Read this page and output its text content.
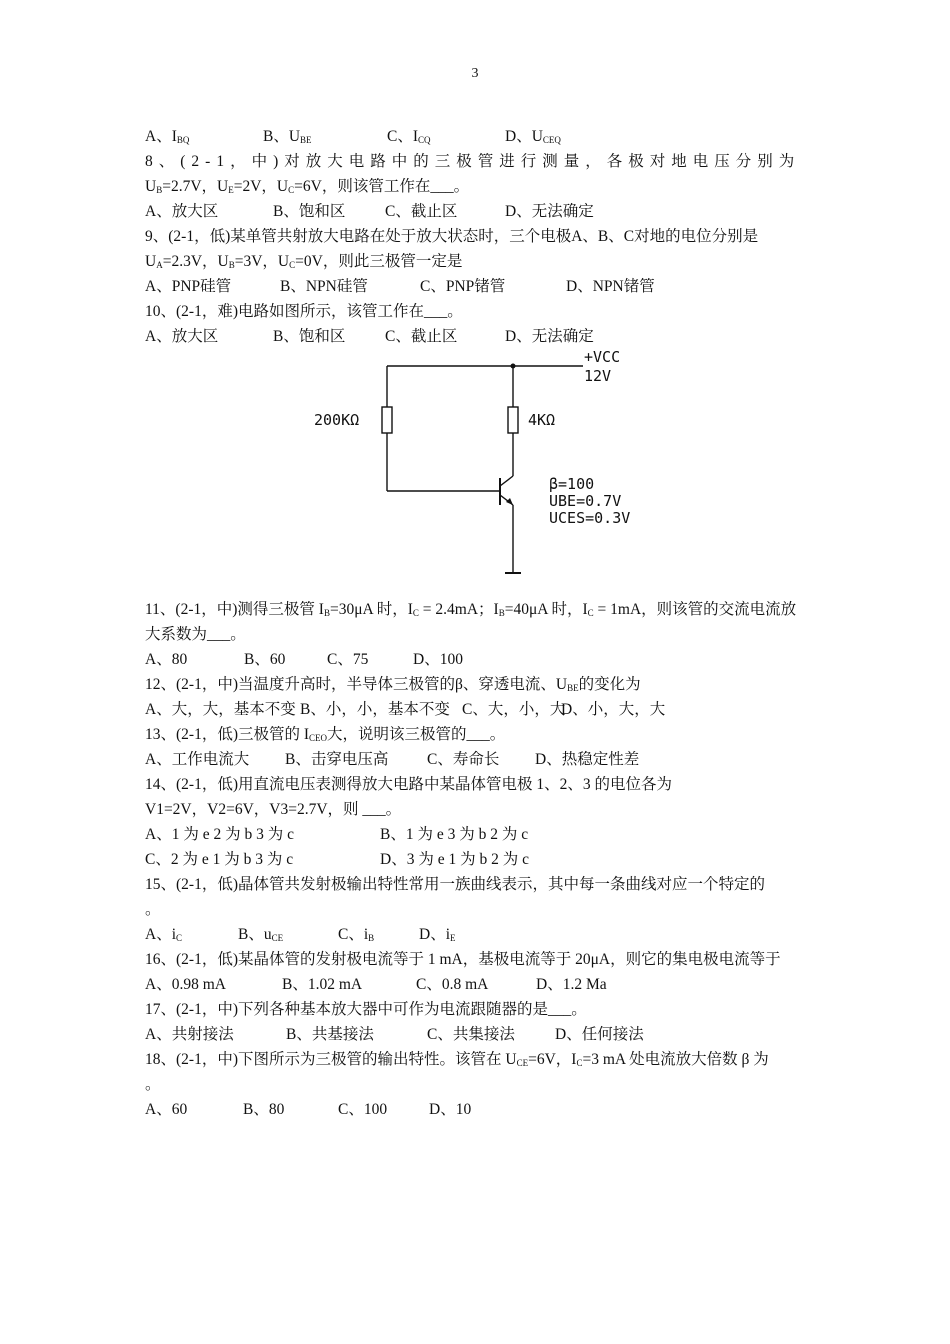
3
A、$I_{BQ}$	B、$U_{BE}$	C、$I_{CQ}$	D、$U_{CEQ}$
8、(2-1，中)对放大电路中的三极管进行测量，各极对地电压分别为
$U_B=2.7V$，$U_E=2V$，$U_C=6V$，则该管工作在___。
A、放大区	B、饱和区	C、截止区	D、无法确定
9、(2-1，低)某单管共射放大电路在处于放大状态时，三个电极A、B、C对地的电位分别是
$U_A=2.3V$，$U_B=3V$，$U_C=0V$，则此三极管一定是
A、PNP硅管	B、NPN硅管	C、PNP锗管	D、NPN锗管
10、(2-1，难)电路如图所示，该管工作在___。
A、放大区	B、饱和区	C、截止区	D、无法确定
11、(2-1，中)测得三极管 $I_B=30\mu A$ 时，$I_C = 2.4mA$；$I_B=40\mu A$ 时，$I_C = 1mA$，则该管的交流电流放
大系数为___。
A、80	B、60	C、75	D、100
12、(2-1，中)当温度升高时，半导体三极管的β、穿透电流、$U_{BE}$的变化为
A、大，大，基本不变 B、小，小，基本不变 C、大，小，大
D、小，大，大
13、(2-1，低)三极管的 $I_{CEO}$大，说明该三极管的___。
A、工作电流大	B、击穿电压高	C、寿命长	D、热稳定性差
14、(2-1，低)用直流电压表测得放大电路中某晶体管电极 1、2、3 的电位各为
V1=2V，V2=6V，V3=2.7V，则 ___。
A、1 为 e 2 为 b 3 为 c	B、1 为 e 3 为 b 2 为 c
C、2 为 e 1 为 b 3 为 c	D、3 为 e 1 为 b 2 为 c
15、(2-1，低)晶体管共发射极输出特性常用一族曲线表示，其中每一条曲线对应一个特定的
。
A、$i_C$	B、$u_{CE}$	C、$i_B$	D、$i_E$
16、(2-1，低)某晶体管的发射极电流等于 1 mA，基极电流等于 20μA，则它的集电极电流等于
A、0.98 mA	B、1.02 mA	C、0.8 mA	D、1.2 Ma
17、(2-1，中)下列各种基本放大器中可作为电流跟随器的是___。
A、共射接法	B、共基接法	C、共集接法	D、任何接法
18、(2-1，中)下图所示为三极管的输出特性。该管在 $U_{CE}=6V$，$I_C=3$ mA 处电流放大倍数 β 为
。
A、60	B、80	C、100	D、10
+VCC
12V
200KΩ	4KΩ
β=100
UBE=0.7V
UCES=0.3V
